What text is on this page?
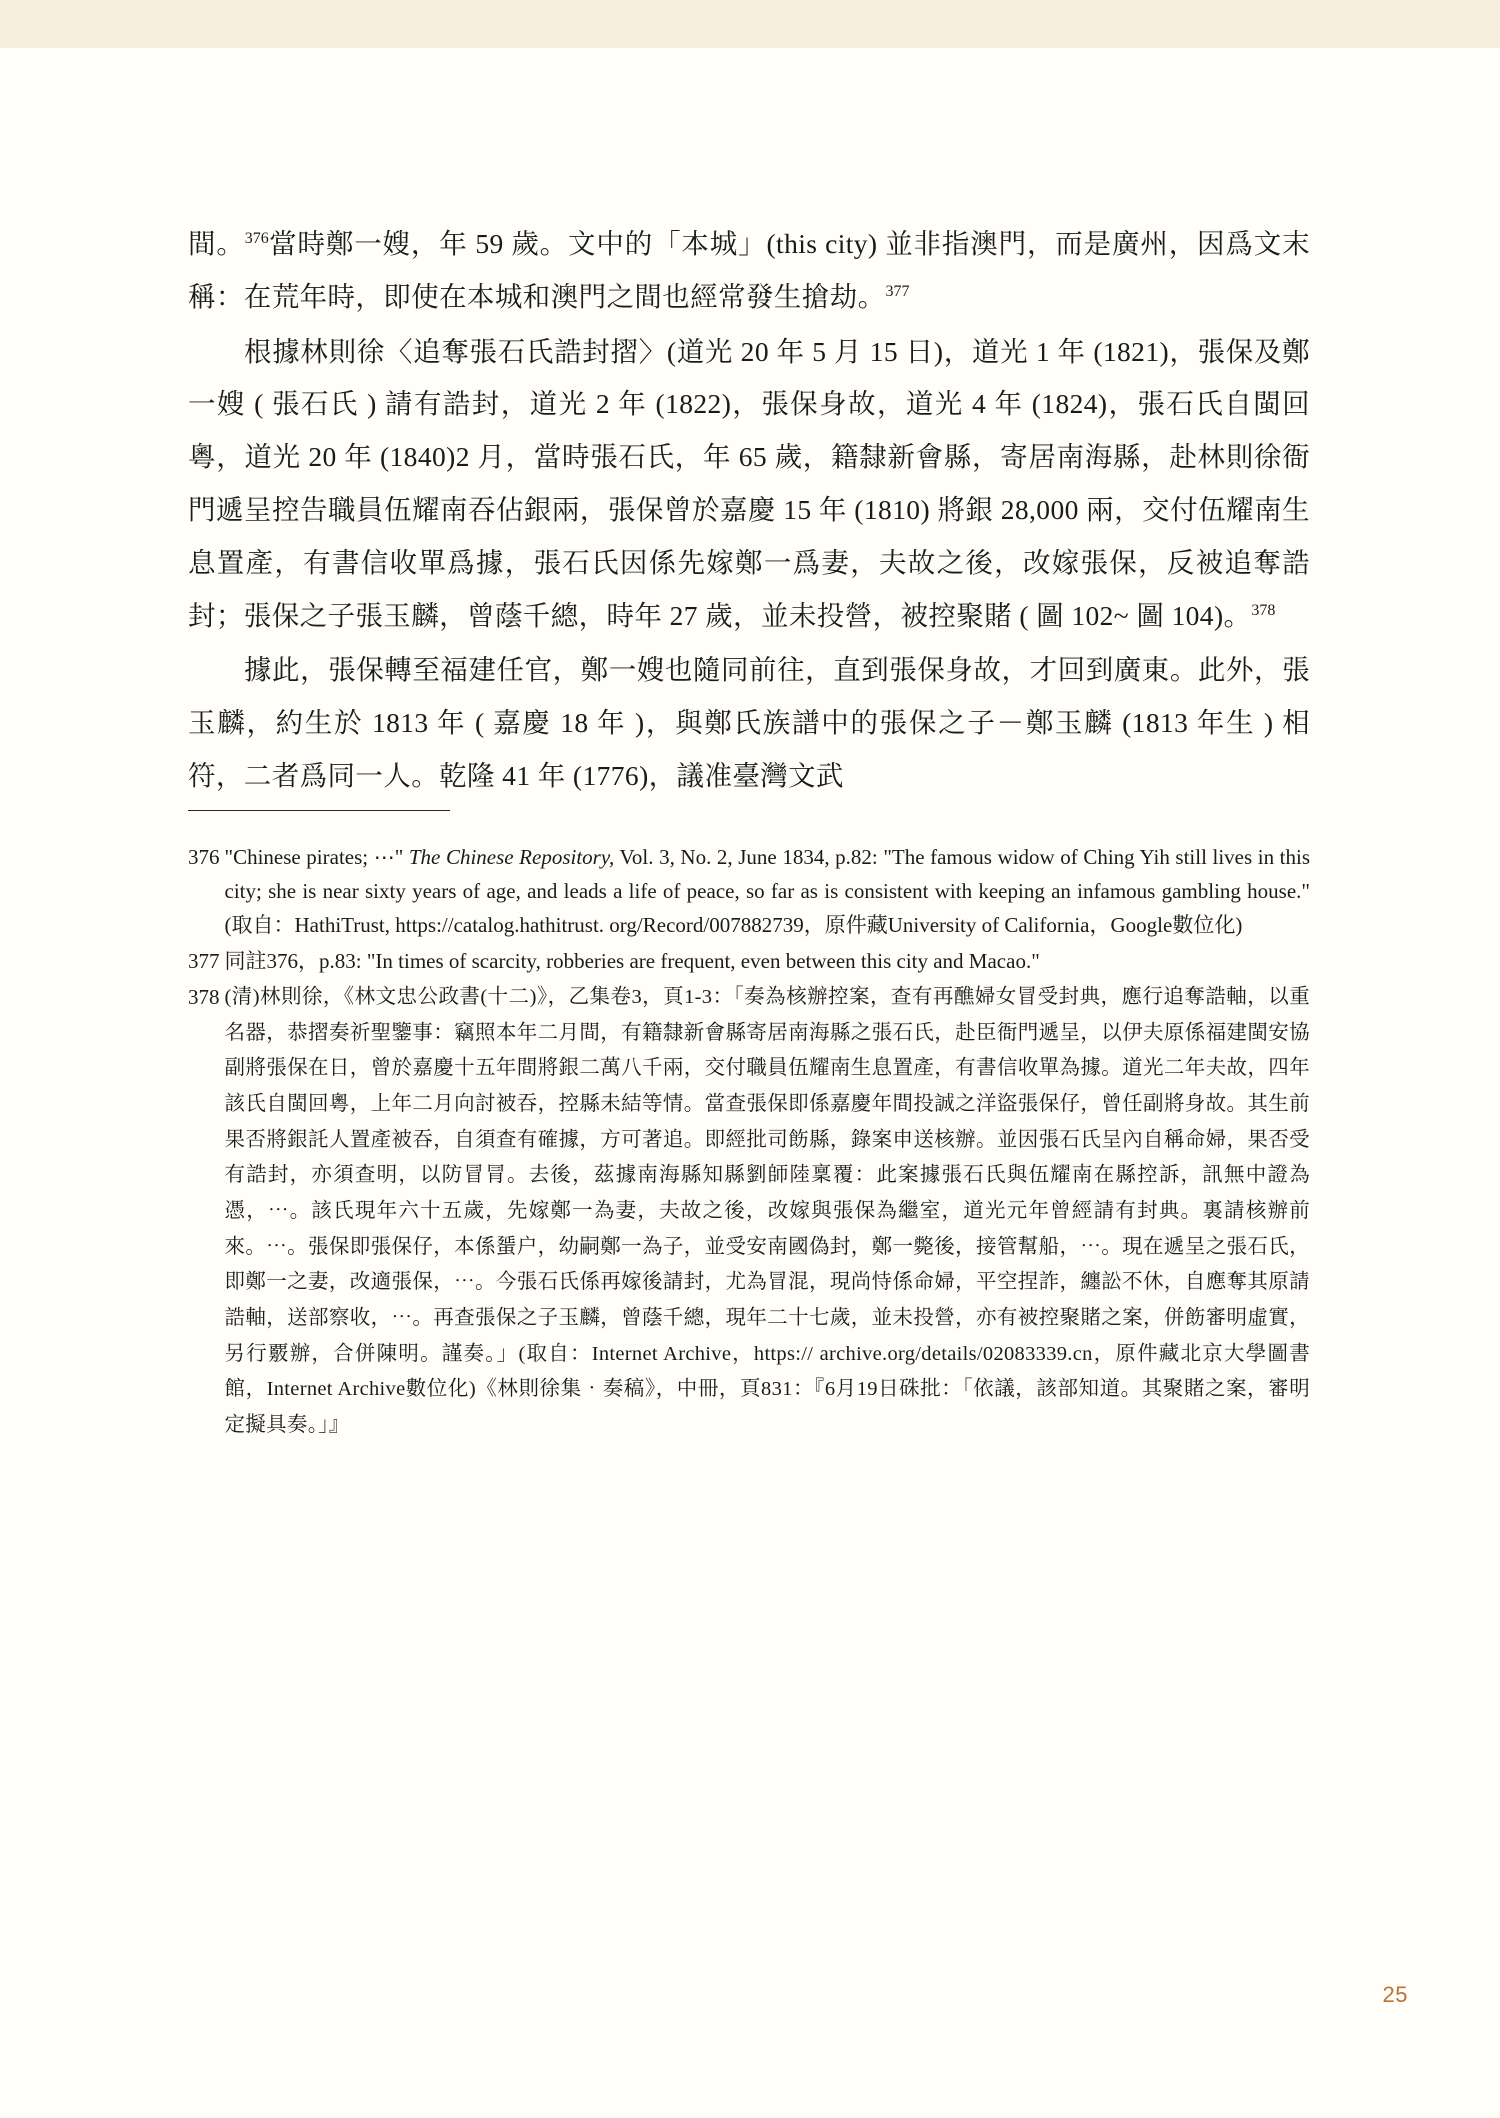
間。$^{376}$當時鄭一嫂，年 59 歲。文中的「本城」(this city) 並非指澳門，而是廣州，因爲文末稱：在荒年時，即使在本城和澳門之間也經常發生搶劫。$^{377}$

根據林則徐〈追奪張石氏誥封摺〉(道光 20 年 5 月 15 日)，道光 1 年 (1821)，張保及鄭一嫂 ( 張石氏 ) 請有誥封，道光 2 年 (1822)，張保身故，道光 4 年 (1824)，張石氏自閩回粵，道光 20 年 (1840)2 月，當時張石氏，年 65 歲，籍隸新會縣，寄居南海縣，赴林則徐衙門遞呈控告職員伍耀南吞佔銀兩，張保曾於嘉慶 15 年 (1810) 將銀 28,000 兩，交付伍耀南生息置產，有書信收單爲據，張石氏因係先嫁鄭一爲妻，夫故之後，改嫁張保，反被追奪誥封；張保之子張玉麟，曾蔭千總，時年 27 歲，並未投營，被控聚賭 ( 圖 102~ 圖 104)。$^{378}$

據此，張保轉至福建任官，鄭一嫂也隨同前往，直到張保身故，才回到廣東。此外，張玉麟，約生於 1813 年 ( 嘉慶 18 年 )，與鄭氏族譜中的張保之子－鄭玉麟 (1813 年生 ) 相符，二者爲同一人。乾隆 41 年 (1776)，議准臺灣文武

376 "Chinese pirates; ⋯" The Chinese Repository, Vol. 3, No. 2, June 1834, p.82: "The famous widow of Ching Yih still lives in this city; she is near sixty years of age, and leads a life of peace, so far as is consistent with keeping an infamous gambling house." (取自：HathiTrust, https://catalog.hathitrust. org/Record/007882739，原件藏University of California，Google數位化)
377 同註376，p.83: "In times of scarcity, robberies are frequent, even between this city and Macao."
378 (清)林則徐，《林文忠公政書(十二)》，乙集卷3，頁1-3：「奏為核辦控案，查有再醮婦女冒受封典，應行追奪誥軸，以重名器，恭摺奏祈聖鑒事：竊照本年二月間，有籍隸新會縣寄居南海縣之張石氏，赴臣衙門遞呈，以伊夫原係福建閩安協副將張保在日，曾於嘉慶十五年間將銀二萬八千兩，交付職員伍耀南生息置產，有書信收單為據。道光二年夫故，四年該氏自閩回粵，上年二月向討被吞，控縣未結等情。當查張保即係嘉慶年間投誠之洋盜張保仔，曾任副將身故。其生前果否將銀託人置產被吞，自須查有確據，方可著追。即經批司飭縣，錄案申送核辦。並因張石氏呈內自稱命婦，果否受有誥封，亦須查明，以防冒冐。去後，茲據南海縣知縣劉師陸稟覆：此案據張石氏與伍耀南在縣控訴，訊無中證為憑，⋯。該氏現年六十五歲，先嫁鄭一為妻，夫故之後，改嫁與張保為繼室，道光元年曾經請有封典。裏請核辦前來。⋯。張保即張保仔，本係蜑户，幼嗣鄭一為子，並受安南國偽封，鄭一斃後，接管幫船，⋯。現在遞呈之張石氏，即鄭一之妻，改適張保，⋯。今張石氏係再嫁後請封，尤為冒混，現尚恃係命婦，平空捏詐，纏訟不休，自應奪其原請誥軸，送部察收，⋯。再查張保之子玉麟，曾蔭千總，現年二十七歲，並未投營，亦有被控聚賭之案，併飭審明虛實，另行覈辦，合併陳明。謹奏。」(取自：Internet Archive，https:// archive.org/details/02083339.cn，原件藏北京大學圖書館，Internet Archive數位化)《林則徐集‧奏稿》，中冊，頁831：『6月19日硃批：「依議，該部知道。其聚賭之案，審明定擬具奏。」』
25
